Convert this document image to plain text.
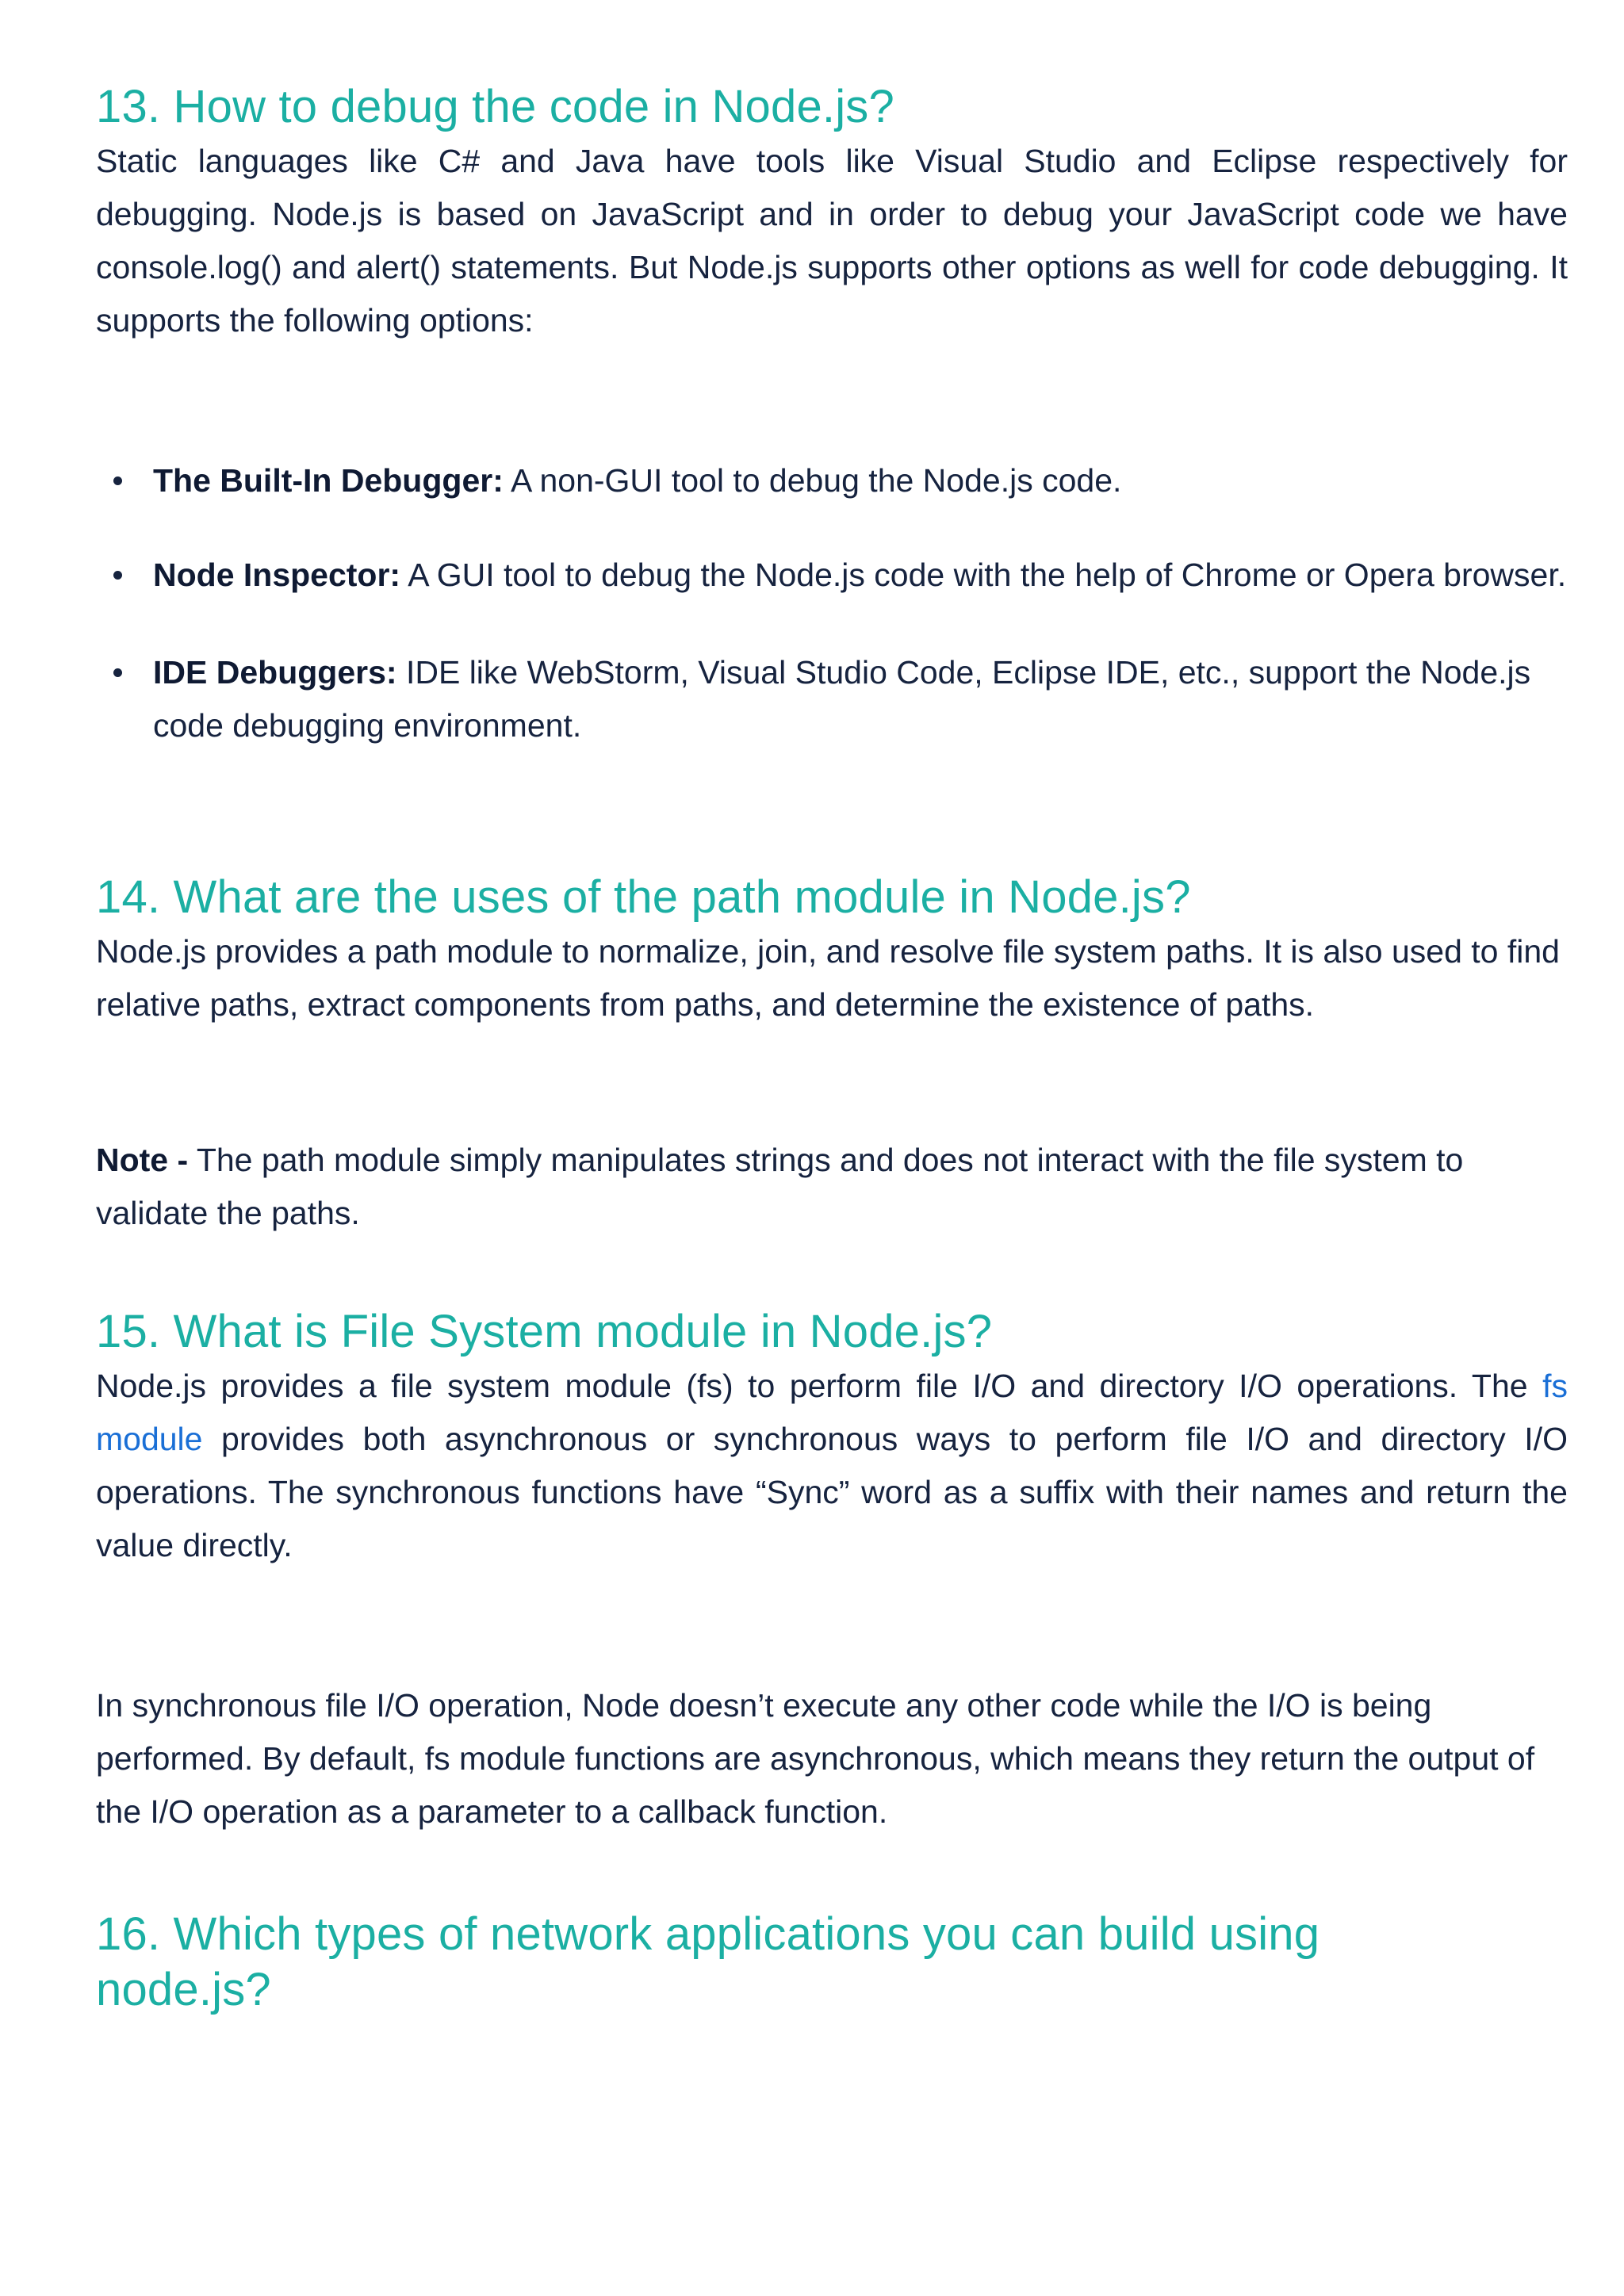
13. How to debug the code in Node.js?

Static languages like C# and Java have tools like Visual Studio and Eclipse respectively for debugging. Node.js is based on JavaScript and in order to debug your JavaScript code we have console.log() and alert() statements. But Node.js supports other options as well for code debugging. It supports the following options:

The Built-In Debugger: A non-GUI tool to debug the Node.js code.
Node Inspector: A GUI tool to debug the Node.js code with the help of Chrome or Opera browser.
IDE Debuggers: IDE like WebStorm, Visual Studio Code, Eclipse IDE, etc., support the Node.js code debugging environment.
14. What are the uses of the path module in Node.js?

Node.js provides a path module to normalize, join, and resolve file system paths. It is also used to find relative paths, extract components from paths, and determine the existence of paths.

Note - The path module simply manipulates strings and does not interact with the file system to validate the paths.

15. What is File System module in Node.js?

Node.js provides a file system module (fs) to perform file I/O and directory I/O operations. The fs module provides both asynchronous or synchronous ways to perform file I/O and directory I/O operations. The synchronous functions have “Sync” word as a suffix with their names and return the value directly.

In synchronous file I/O operation, Node doesn’t execute any other code while the I/O is being performed. By default, fs module functions are asynchronous, which means they return the output of the I/O operation as a parameter to a callback function.

16. Which types of network applications you can build using
node.js?
